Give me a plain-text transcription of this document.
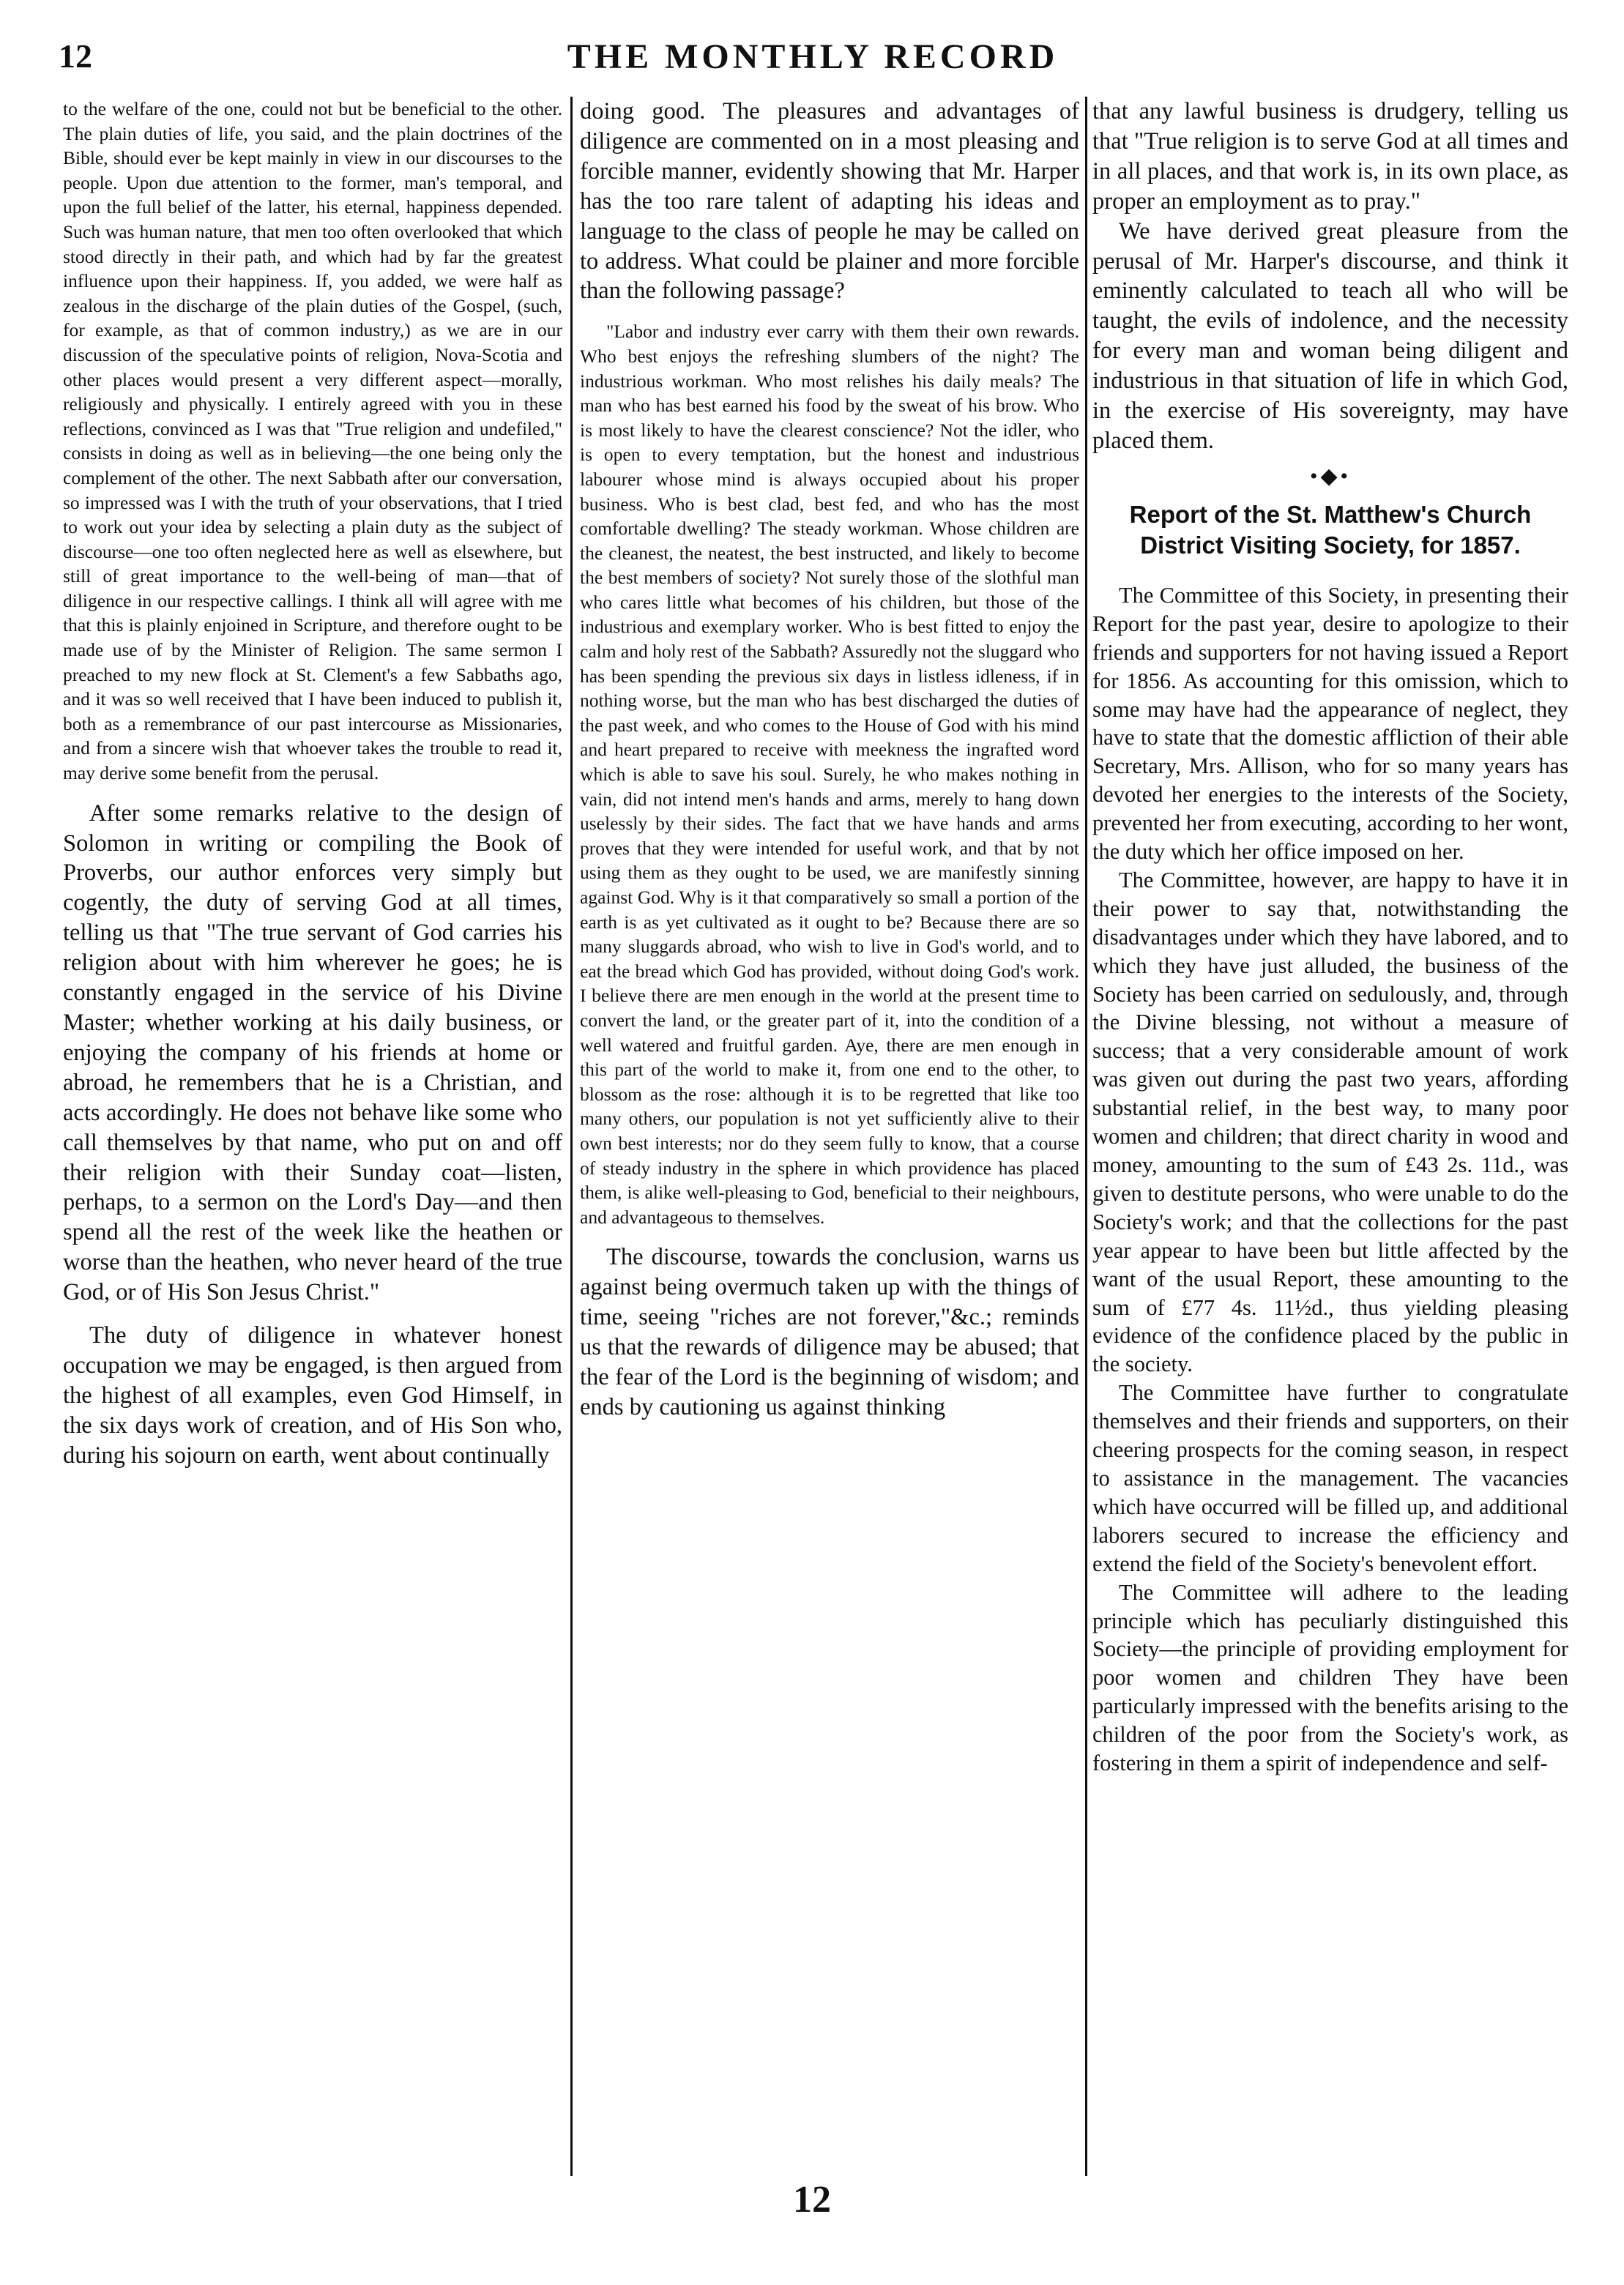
12	THE MONTHLY RECORD

to the welfare of the one, could not but be beneficial to the other. The plain duties of life, you said, and the plain doctrines of the Bible, should ever be kept mainly in view in our discourses to the people. Upon due attention to the former, man's temporal, and upon the full belief of the latter, his eternal, happiness depended. Such was human nature, that men too often overlooked that which stood directly in their path, and which had by far the greatest influence upon their happiness. If, you added, we were half as zealous in the discharge of the plain duties of the Gospel, (such, for example, as that of common industry,) as we are in our discussion of the speculative points of religion, Nova-Scotia and other places would present a very different aspect—morally, religiously and physically. I entirely agreed with you in these reflections, convinced as I was that "True religion and undefiled," consists in doing as well as in believing—the one being only the complement of the other. The next Sabbath after our conversation, so impressed was I with the truth of your observations, that I tried to work out your idea by selecting a plain duty as the subject of discourse—one too often neglected here as well as elsewhere, but still of great importance to the well-being of man—that of diligence in our respective callings. I think all will agree with me that this is plainly enjoined in Scripture, and therefore ought to be made use of by the Minister of Religion. The same sermon I preached to my new flock at St. Clement's a few Sabbaths ago, and it was so well received that I have been induced to publish it, both as a remembrance of our past intercourse as Missionaries, and from a sincere wish that whoever takes the trouble to read it, may derive some benefit from the perusal.

After some remarks relative to the design of Solomon in writing or compiling the Book of Proverbs, our author enforces very simply but cogently, the duty of serving God at all times, telling us that "The true servant of God carries his religion about with him wherever he goes; he is constantly engaged in the service of his Divine Master; whether working at his daily business, or enjoying the company of his friends at home or abroad, he remembers that he is a Christian, and acts accordingly. He does not behave like some who call themselves by that name, who put on and off their religion with their Sunday coat—listen, perhaps, to a sermon on the Lord's Day—and then spend all the rest of the week like the heathen or worse than the heathen, who never heard of the true God, or of His Son Jesus Christ."

The duty of diligence in whatever honest occupation we may be engaged, is then argued from the highest of all examples, even God Himself, in the six days work of creation, and of His Son who, during his sojourn on earth, went about continually

doing good. The pleasures and advantages of diligence are commented on in a most pleasing and forcible manner, evidently showing that Mr. Harper has the too rare talent of adapting his ideas and language to the class of people he may be called on to address. What could be plainer and more forcible than the following passage?

"Labor and industry ever carry with them their own rewards. Who best enjoys the refreshing slumbers of the night? The industrious workman. Who most relishes his daily meals? The man who has best earned his food by the sweat of his brow. Who is most likely to have the clearest conscience? Not the idler, who is open to every temptation, but the honest and industrious labourer whose mind is always occupied about his proper business. Who is best clad, best fed, and who has the most comfortable dwelling? The steady workman. Whose children are the cleanest, the neatest, the best instructed, and likely to become the best members of society? Not surely those of the slothful man who cares little what becomes of his children, but those of the industrious and exemplary worker. Who is best fitted to enjoy the calm and holy rest of the Sabbath? Assuredly not the sluggard who has been spending the previous six days in listless idleness, if in nothing worse, but the man who has best discharged the duties of the past week, and who comes to the House of God with his mind and heart prepared to receive with meekness the ingrafted word which is able to save his soul. Surely, he who makes nothing in vain, did not intend men's hands and arms, merely to hang down uselessly by their sides. The fact that we have hands and arms proves that they were intended for useful work, and that by not using them as they ought to be used, we are manifestly sinning against God. Why is it that comparatively so small a portion of the earth is as yet cultivated as it ought to be? Because there are so many sluggards abroad, who wish to live in God's world, and to eat the bread which God has provided, without doing God's work. I believe there are men enough in the world at the present time to convert the land, or the greater part of it, into the condition of a well watered and fruitful garden. Aye, there are men enough in this part of the world to make it, from one end to the other, to blossom as the rose: although it is to be regretted that like too many others, our population is not yet sufficiently alive to their own best interests; nor do they seem fully to know, that a course of steady industry in the sphere in which providence has placed them, is alike well-pleasing to God, beneficial to their neighbours, and advantageous to themselves.

The discourse, towards the conclusion, warns us against being overmuch taken up with the things of time, seeing "riches are not forever,"&c.; reminds us that the rewards of diligence may be abused; that the fear of the Lord is the beginning of wisdom; and ends by cautioning us against thinking

that any lawful business is drudgery, telling us that "True religion is to serve God at all times and in all places, and that work is, in its own place, as proper an employment as to pray."

We have derived great pleasure from the perusal of Mr. Harper's discourse, and think it eminently calculated to teach all who will be taught, the evils of indolence, and the necessity for every man and woman being diligent and industrious in that situation of life in which God, in the exercise of His sovereignty, may have placed them.

•◆•
Report of the St. Matthew's Church District Visiting Society, for 1857.

The Committee of this Society, in presenting their Report for the past year, desire to apologize to their friends and supporters for not having issued a Report for 1856. As accounting for this omission, which to some may have had the appearance of neglect, they have to state that the domestic affliction of their able Secretary, Mrs. Allison, who for so many years has devoted her energies to the interests of the Society, prevented her from executing, according to her wont, the duty which her office imposed on her.

The Committee, however, are happy to have it in their power to say that, notwithstanding the disadvantages under which they have labored, and to which they have just alluded, the business of the Society has been carried on sedulously, and, through the Divine blessing, not without a measure of success; that a very considerable amount of work was given out during the past two years, affording substantial relief, in the best way, to many poor women and children; that direct charity in wood and money, amounting to the sum of £43 2s. 11d., was given to destitute persons, who were unable to do the Society's work; and that the collections for the past year appear to have been but little affected by the want of the usual Report, these amounting to the sum of £77 4s. 11½d., thus yielding pleasing evidence of the confidence placed by the public in the society.

The Committee have further to congratulate themselves and their friends and supporters, on their cheering prospects for the coming season, in respect to assistance in the management. The vacancies which have occurred will be filled up, and additional laborers secured to increase the efficiency and extend the field of the Society's benevolent effort.

The Committee will adhere to the leading principle which has peculiarly distinguished this Society—the principle of providing employment for poor women and children They have been particularly impressed with the benefits arising to the children of the poor from the Society's work, as fostering in them a spirit of independence and self-

12
